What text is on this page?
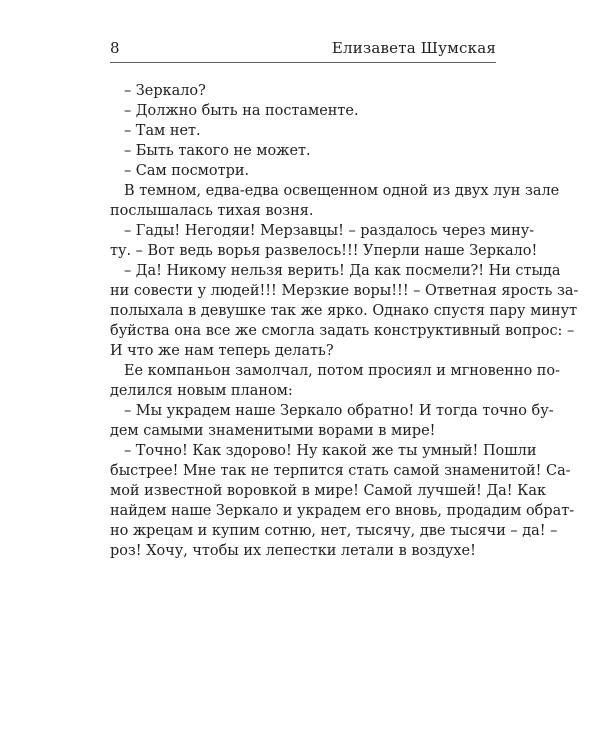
8	Елизавета Шумская
– Зеркало?
– Должно быть на постаменте.
– Там нет.
– Быть такого не может.
– Сам посмотри.
В темном, едва-едва освещенном одной из двух лун зале
послышалась тихая возня.
– Гады! Негодяи! Мерзавцы! – раздалось через мину-
ту. – Вот ведь ворья развелось!!! Уперли наше Зеркало!
– Да! Никому нельзя верить! Да как посмели?! Ни стыда
ни совести у людей!!! Мерзкие воры!!! – Ответная ярость за-
полыхала в девушке так же ярко. Однако спустя пару минут
буйства она все же смогла задать конструктивный вопрос: –
И что же нам теперь делать?
Ее компаньон замолчал, потом просиял и мгновенно по-
делился новым планом:
– Мы украдем наше Зеркало обратно! И тогда точно бу-
дем самыми знаменитыми ворами в мире!
– Точно! Как здорово! Ну какой же ты умный! Пошли
быстрее! Мне так не терпится стать самой знаменитой! Са-
мой известной воровкой в мире! Самой лучшей! Да! Как
найдем наше Зеркало и украдем его вновь, продадим обрат-
но жрецам и купим сотню, нет, тысячу, две тысячи – да! –
роз! Хочу, чтобы их лепестки летали в воздухе!
